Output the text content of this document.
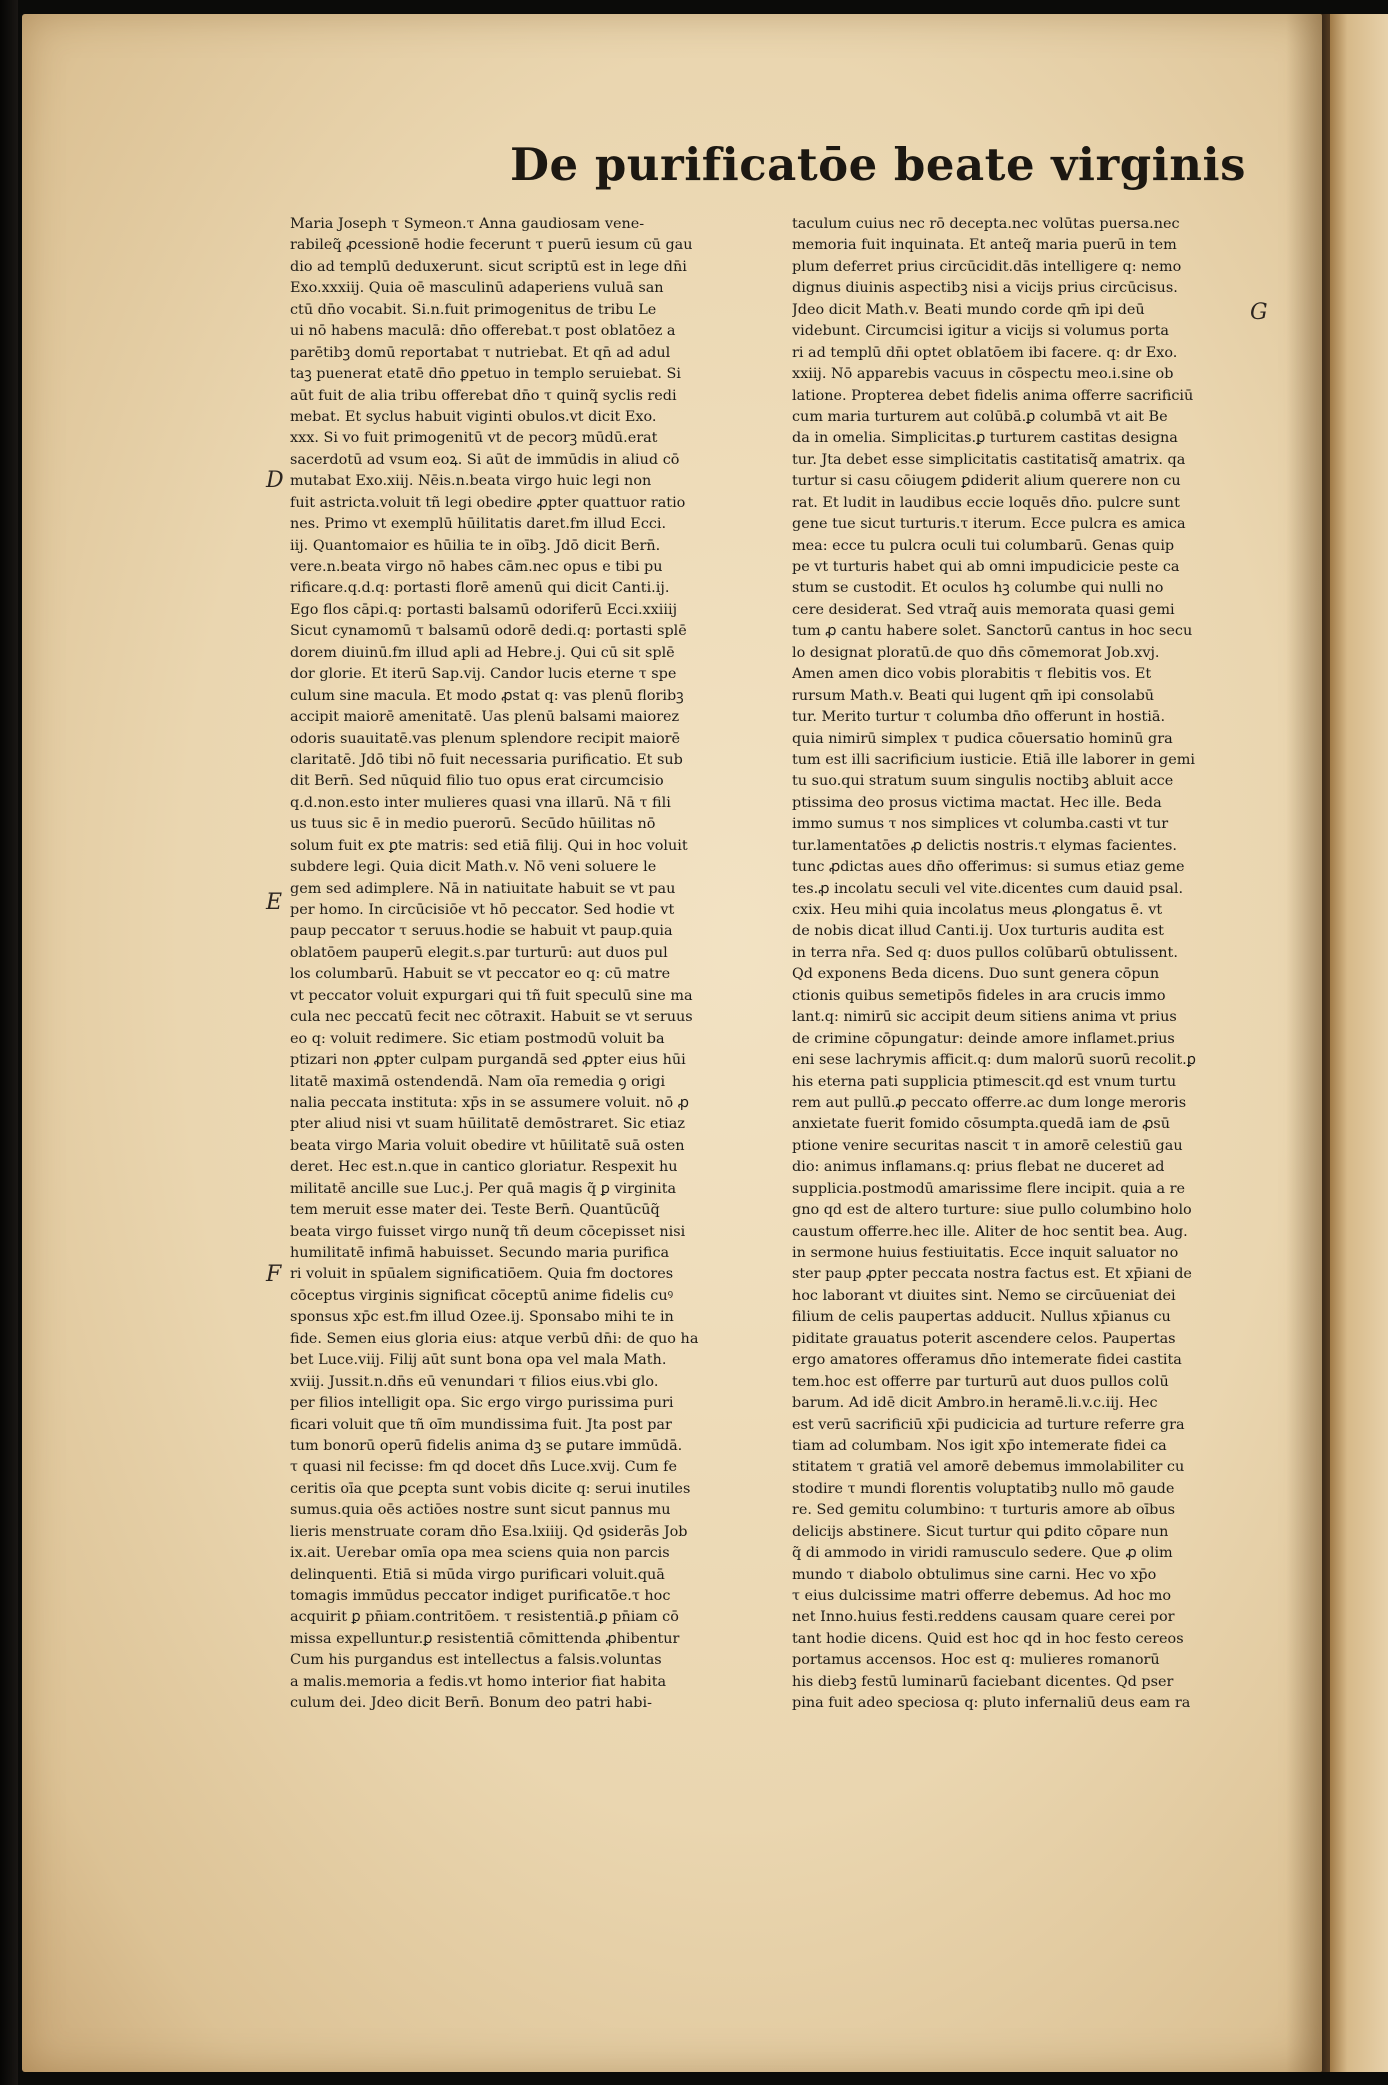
De purificatōe beate virginis
Maria Joseph τ Symeon.τ Anna gaudiosam vene-
rabileq̃ ꝓcessionē hodie fecerunt τ puerū iesum cū gau
dio ad templū deduxerunt. sicut scriptū est in lege dn̄i
Exo.xxxiij. Quia oē masculinū adaperiens vuluā san
ctū dn̄o vocabit. Si.n.fuit primogenitus de tribu Le
ui nō habens maculā: dn̄o offerebat.τ post oblatōez a
parētibꝫ domū reportabat τ nutriebat. Et qn̄ ad adul
taꝫ puenerat etatē dn̄o ꝑpetuo in templo seruiebat. Si
aūt fuit de alia tribu offerebat dn̄o τ quinq̃ syclis redi
mebat. Et syclus habuit viginti obulos.vt dicit Exo.
xxx. Si vo fuit primogenitū vt de pecorꝫ mūdū.erat
sacerdotū ad vsum eoꝝ. Si aūt de immūdis in aliud cō
mutabat Exo.xiij. Nēis.n.beata virgo huic legi non
fuit astricta.voluit tñ legi obedire ꝓpter quattuor ratio
nes. Primo vt exemplū hūilitatis daret.fm illud Ecci.
iij. Quantomaior es hūilia te in oībꝫ. Jdō dicit Bern̄.
vere.n.beata virgo nō habes cām.nec opus e tibi pu
rificare.q.d.q: portasti florē amenū qui dicit Canti.ij.
Ego flos cāpi.q: portasti balsamū odoriferū Ecci.xxiiij
Sicut cynamomū τ balsamū odorē dedi.q: portasti splē
dorem diuinū.fm illud apli ad Hebre.j. Qui cū sit splē
dor glorie. Et iterū Sap.vij. Candor lucis eterne τ spe
culum sine macula. Et modo ꝓstat q: vas plenū floribꝫ
accipit maiorē amenitatē. Uas plenū balsami maiorez
odoris suauitatē.vas plenum splendore recipit maiorē
claritatē. Jdō tibi nō fuit necessaria purificatio. Et sub
dit Bern̄. Sed nūquid filio tuo opus erat circumcisio
q.d.non.esto inter mulieres quasi vna illarū. Nā τ fili
us tuus sic ē in medio puerorū. Secūdo hūilitas nō
solum fuit ex ꝑte matris: sed etiā filij. Qui in hoc voluit
subdere legi. Quia dicit Math.v. Nō veni soluere le
gem sed adimplere. Nā in natiuitate habuit se vt pau
per homo. In circūcisiōe vt hō peccator. Sed hodie vt
paup peccator τ seruus.hodie se habuit vt paup.quia
oblatōem pauperū elegit.s.par turturū: aut duos pul
los columbarū. Habuit se vt peccator eo q: cū matre
vt peccator voluit expurgari qui tñ fuit speculū sine ma
cula nec peccatū fecit nec cōtraxit. Habuit se vt seruus
eo q: voluit redimere. Sic etiam postmodū voluit ba
ptizari non ꝓpter culpam purgandā sed ꝓpter eius hūi
litatē maximā ostendendā. Nam oīa remedia ꝯ origi
nalia peccata instituta: xp̄s in se assumere voluit. nō ꝓ
pter aliud nisi vt suam hūilitatē demōstraret. Sic etiaz
beata virgo Maria voluit obedire vt hūilitatē suā osten
deret. Hec est.n.que in cantico gloriatur. Respexit hu
militatē ancille sue Luc.j. Per quā magis q̃ ꝑ virginita
tem meruit esse mater dei. Teste Bern̄. Quantūcūq̃
beata virgo fuisset virgo nunq̃ tñ deum cōcepisset nisi
humilitatē infimā habuisset. Secundo maria purifica
ri voluit in spūalem significatiōem. Quia fm doctores
cōceptus virginis significat cōceptū anime fidelis cuꝰ
sponsus xp̄c est.fm illud Ozee.ij. Sponsabo mihi te in
fide. Semen eius gloria eius: atque verbū dn̄i: de quo ha
bet Luce.viij. Filij aūt sunt bona opa vel mala Math.
xviij. Jussit.n.dn̄s eū venundari τ filios eius.vbi glo.
per filios intelligit opa. Sic ergo virgo purissima puri
ficari voluit que tñ oīm mundissima fuit. Jta post par
tum bonorū operū fidelis anima dꝫ se ꝑutare immūdā.
τ quasi nil fecisse: fm qd docet dn̄s Luce.xvij. Cum fe
ceritis oīa que ꝑcepta sunt vobis dicite q: serui inutiles
sumus.quia oēs actiōes nostre sunt sicut pannus mu
lieris menstruate coram dn̄o Esa.lxiiij. Qd ꝯsiderās Job
ix.ait. Uerebar omīa opa mea sciens quia non parcis
delinquenti. Etiā si mūda virgo purificari voluit.quā
tomagis immūdus peccator indiget purificatōe.τ hoc
acquirit ꝑ pn̄iam.contritōem. τ resistentiā.ꝑ pn̄iam cō
missa expelluntur.ꝑ resistentiā cōmittenda ꝓhibentur
Cum his purgandus est intellectus a falsis.voluntas
a malis.memoria a fedis.vt homo interior fiat habita
culum dei. Jdeo dicit Bern̄. Bonum deo patri habi-
taculum cuius nec rō decepta.nec volūtas puersa.nec
memoria fuit inquinata. Et anteq̃ maria puerū in tem
plum deferret prius circūcidit.dās intelligere q: nemo
dignus diuinis aspectibꝫ nisi a vicijs prius circūcisus.
Jdeo dicit Math.v. Beati mundo corde qm̄ ipi deū
videbunt. Circumcisi igitur a vicijs si volumus porta
ri ad templū dn̄i optet oblatōem ibi facere. q: dr Exo.
xxiij. Nō apparebis vacuus in cōspectu meo.i.sine ob
latione. Propterea debet fidelis anima offerre sacrificiū
cum maria turturem aut colūbā.ꝑ columbā vt ait Be
da in omelia. Simplicitas.ꝑ turturem castitas designa
tur. Jta debet esse simplicitatis castitatisq̃ amatrix. qa
turtur si casu cōiugem ꝑdiderit alium querere non cu
rat. Et ludit in laudibus eccie loquēs dn̄o. pulcre sunt
gene tue sicut turturis.τ iterum. Ecce pulcra es amica
mea: ecce tu pulcra oculi tui columbarū. Genas quip
pe vt turturis habet qui ab omni impudicicie peste ca
stum se custodit. Et oculos hꝫ columbe qui nulli no
cere desiderat. Sed vtraq̃ auis memorata quasi gemi
tum ꝓ cantu habere solet. Sanctorū cantus in hoc secu
lo designat ploratū.de quo dn̄s cōmemorat Job.xvj.
Amen amen dico vobis plorabitis τ flebitis vos. Et
rursum Math.v. Beati qui lugent qm̄ ipi consolabū
tur. Merito turtur τ columba dn̄o offerunt in hostiā.
quia nimirū simplex τ pudica cōuersatio hominū gra
tum est illi sacrificium iusticie. Etiā ille laborer in gemi
tu suo.qui stratum suum singulis noctibꝫ abluit acce
ptissima deo prosus victima mactat. Hec ille. Beda
immo sumus τ nos simplices vt columba.casti vt tur
tur.lamentatōes ꝓ delictis nostris.τ elymas facientes.
tunc ꝓdictas aues dn̄o offerimus: si sumus etiaz geme
tes.ꝓ incolatu seculi vel vite.dicentes cum dauid psal.
cxix. Heu mihi quia incolatus meus ꝓlongatus ē. vt
de nobis dicat illud Canti.ij. Uox turturis audita est
in terra nr̄a. Sed q: duos pullos colūbarū obtulissent.
Qd exponens Beda dicens. Duo sunt genera cōpun
ctionis quibus semetipōs fideles in ara crucis immo
lant.q: nimirū sic accipit deum sitiens anima vt prius
de crimine cōpungatur: deinde amore inflamet.prius
eni sese lachrymis afficit.q: dum malorū suorū recolit.ꝑ
his eterna pati supplicia ptimescit.qd est vnum turtu
rem aut pullū.ꝓ peccato offerre.ac dum longe meroris
anxietate fuerit fomido cōsumpta.quedā iam de ꝓsū
ptione venire securitas nascit τ in amorē celestiū gau
dio: animus inflamans.q: prius flebat ne duceret ad
supplicia.postmodū amarissime flere incipit. quia a re
gno qd est de altero turture: siue pullo columbino holo
caustum offerre.hec ille. Aliter de hoc sentit bea. Aug.
in sermone huius festiuitatis. Ecce inquit saluator no
ster paup ꝓpter peccata nostra factus est. Et xp̄iani de
hoc laborant vt diuites sint. Nemo se circūueniat dei
filium de celis paupertas adducit. Nullus xp̄ianus cu
piditate grauatus poterit ascendere celos. Paupertas
ergo amatores offeramus dn̄o intemerate fidei castita
tem.hoc est offerre par turturū aut duos pullos colū
barum. Ad idē dicit Ambro.in heramē.li.v.c.iij. Hec
est verū sacrificiū xp̄i pudicicia ad turture referre gra
tiam ad columbam. Nos igit xp̄o intemerate fidei ca
stitatem τ gratiā vel amorē debemus immolabiliter cu
stodire τ mundi florentis voluptatibꝫ nullo mō gaude
re. Sed gemitu columbino: τ turturis amore ab oībus
delicijs abstinere. Sicut turtur qui ꝑdito cōpare nun
q̃ di ammodo in viridi ramusculo sedere. Que ꝓ olim
mundo τ diabolo obtulimus sine carni. Hec vo xp̄o
τ eius dulcissime matri offerre debemus. Ad hoc mo
net Inno.huius festi.reddens causam quare cerei por
tant hodie dicens. Quid est hoc qd in hoc festo cereos
portamus accensos. Hoc est q: mulieres romanorū
his diebꝫ festū luminarū faciebant dicentes. Qd pser
pina fuit adeo speciosa q: pluto infernaliū deus eam ra
D
E
F
G
